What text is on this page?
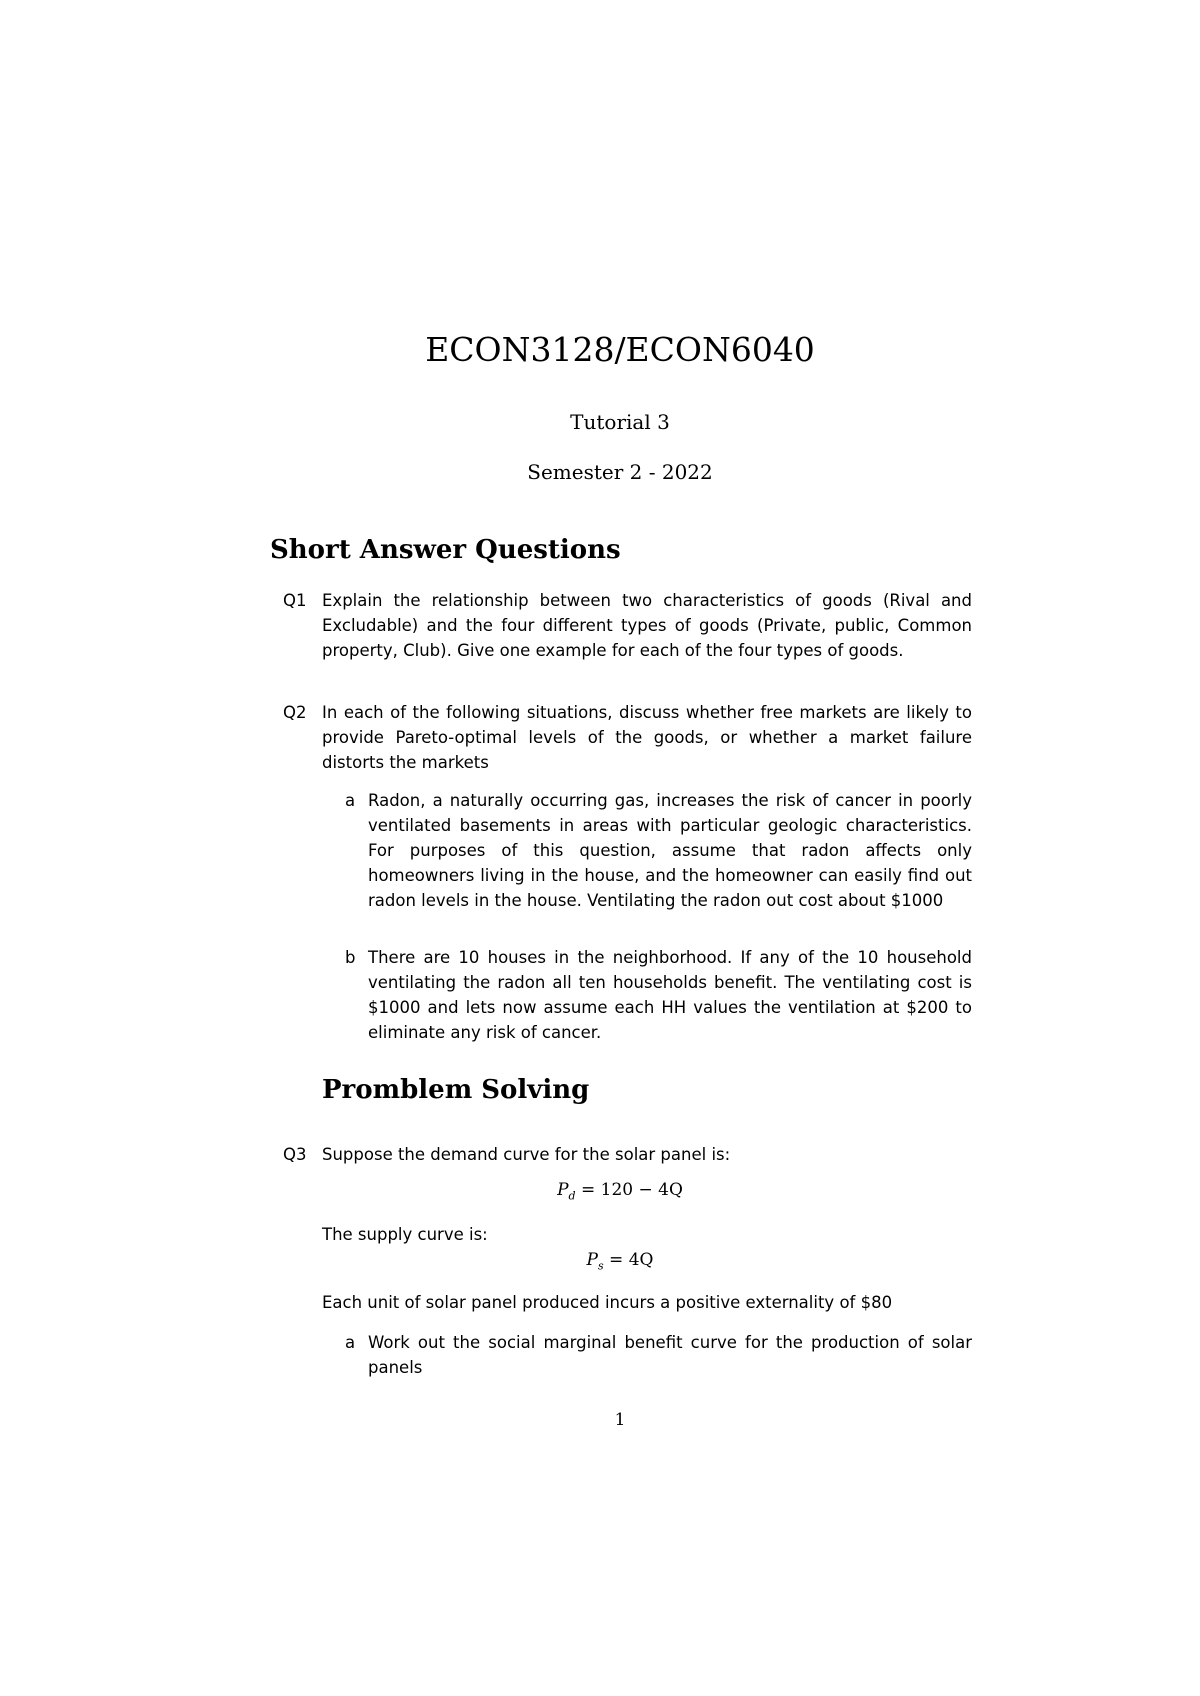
ECON3128/ECON6040
Tutorial 3
Semester 2 - 2022
Short Answer Questions
Q1 Explain the relationship between two characteristics of goods (Rival and Excludable) and the four different types of goods (Private, public, Common property, Club). Give one example for each of the four types of goods.
Q2 In each of the following situations, discuss whether free markets are likely to provide Pareto-optimal levels of the goods, or whether a market failure distorts the markets
a Radon, a naturally occurring gas, increases the risk of cancer in poorly ventilated basements in areas with particular geologic characteristics. For purposes of this question, assume that radon affects only homeowners living in the house, and the homeowner can easily find out radon levels in the house. Ventilating the radon out cost about $1000
b There are 10 houses in the neighborhood. If any of the 10 household ventilating the radon all ten households benefit. The ventilating cost is $1000 and lets now assume each HH values the ventilation at $200 to eliminate any risk of cancer.
Promblem Solving
Q3 Suppose the demand curve for the solar panel is:
$P_d = 120 - 4Q$
The supply curve is:
$P_s = 4Q$
Each unit of solar panel produced incurs a positive externality of $80
a Work out the social marginal benefit curve for the production of solar panels
1
